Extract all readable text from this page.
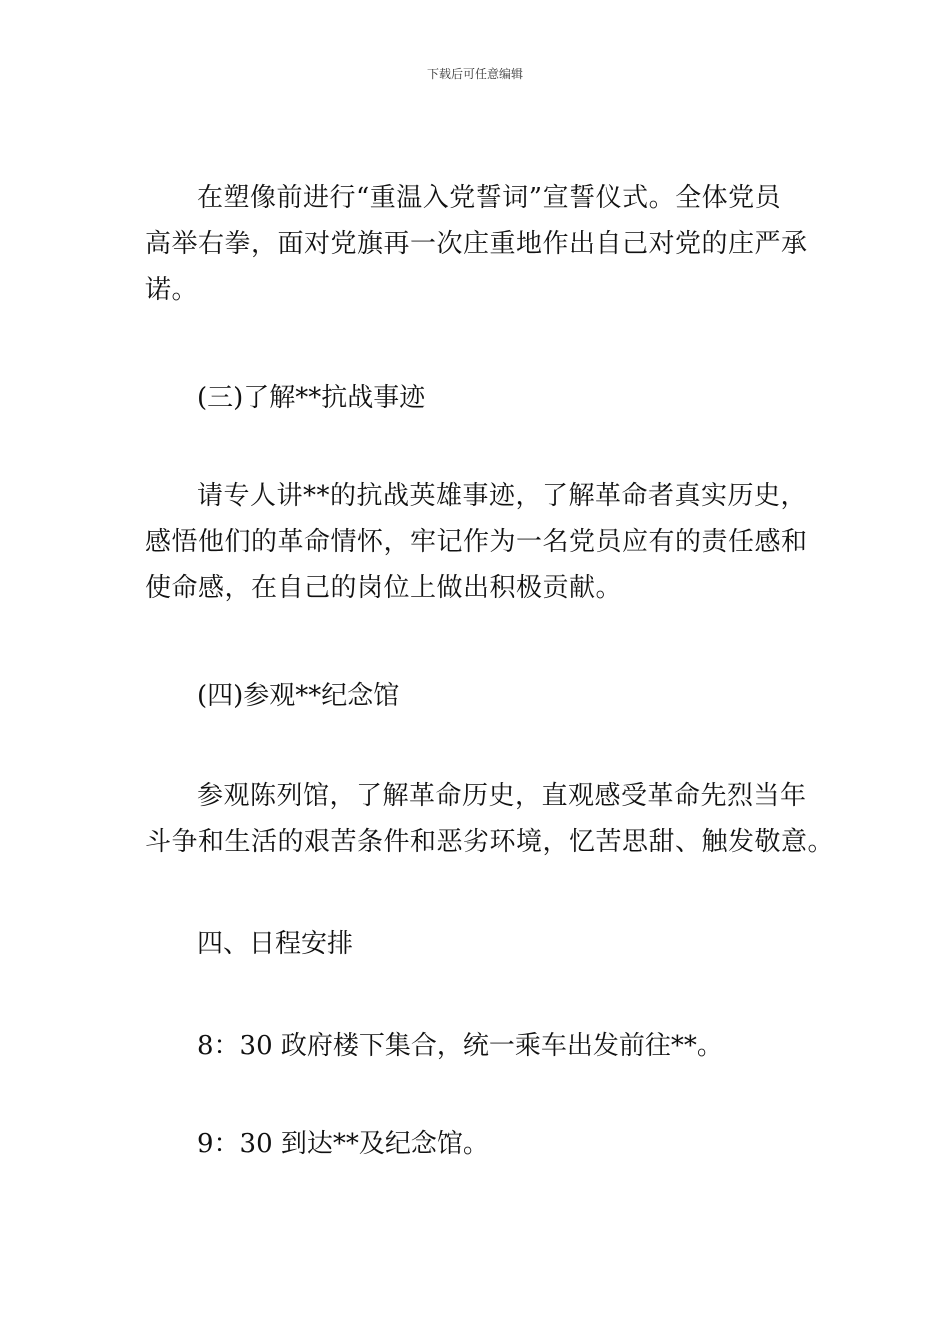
下载后可任意编辑
在塑像前进行“重温入党誓词”宣誓仪式。全体党员
高举右拳，面对党旗再一次庄重地作出自己对党的庄严承
诺。
(三)了解**抗战事迹
请专人讲**的抗战英雄事迹，了解革命者真实历史，
感悟他们的革命情怀，牢记作为一名党员应有的责任感和
使命感，在自己的岗位上做出积极贡献。
(四)参观**纪念馆
参观陈列馆，了解革命历史，直观感受革命先烈当年
斗争和生活的艰苦条件和恶劣环境，忆苦思甜、触发敬意。
四、日程安排
8：30 政府楼下集合，统一乘车出发前往**。
9：30 到达**及纪念馆。
